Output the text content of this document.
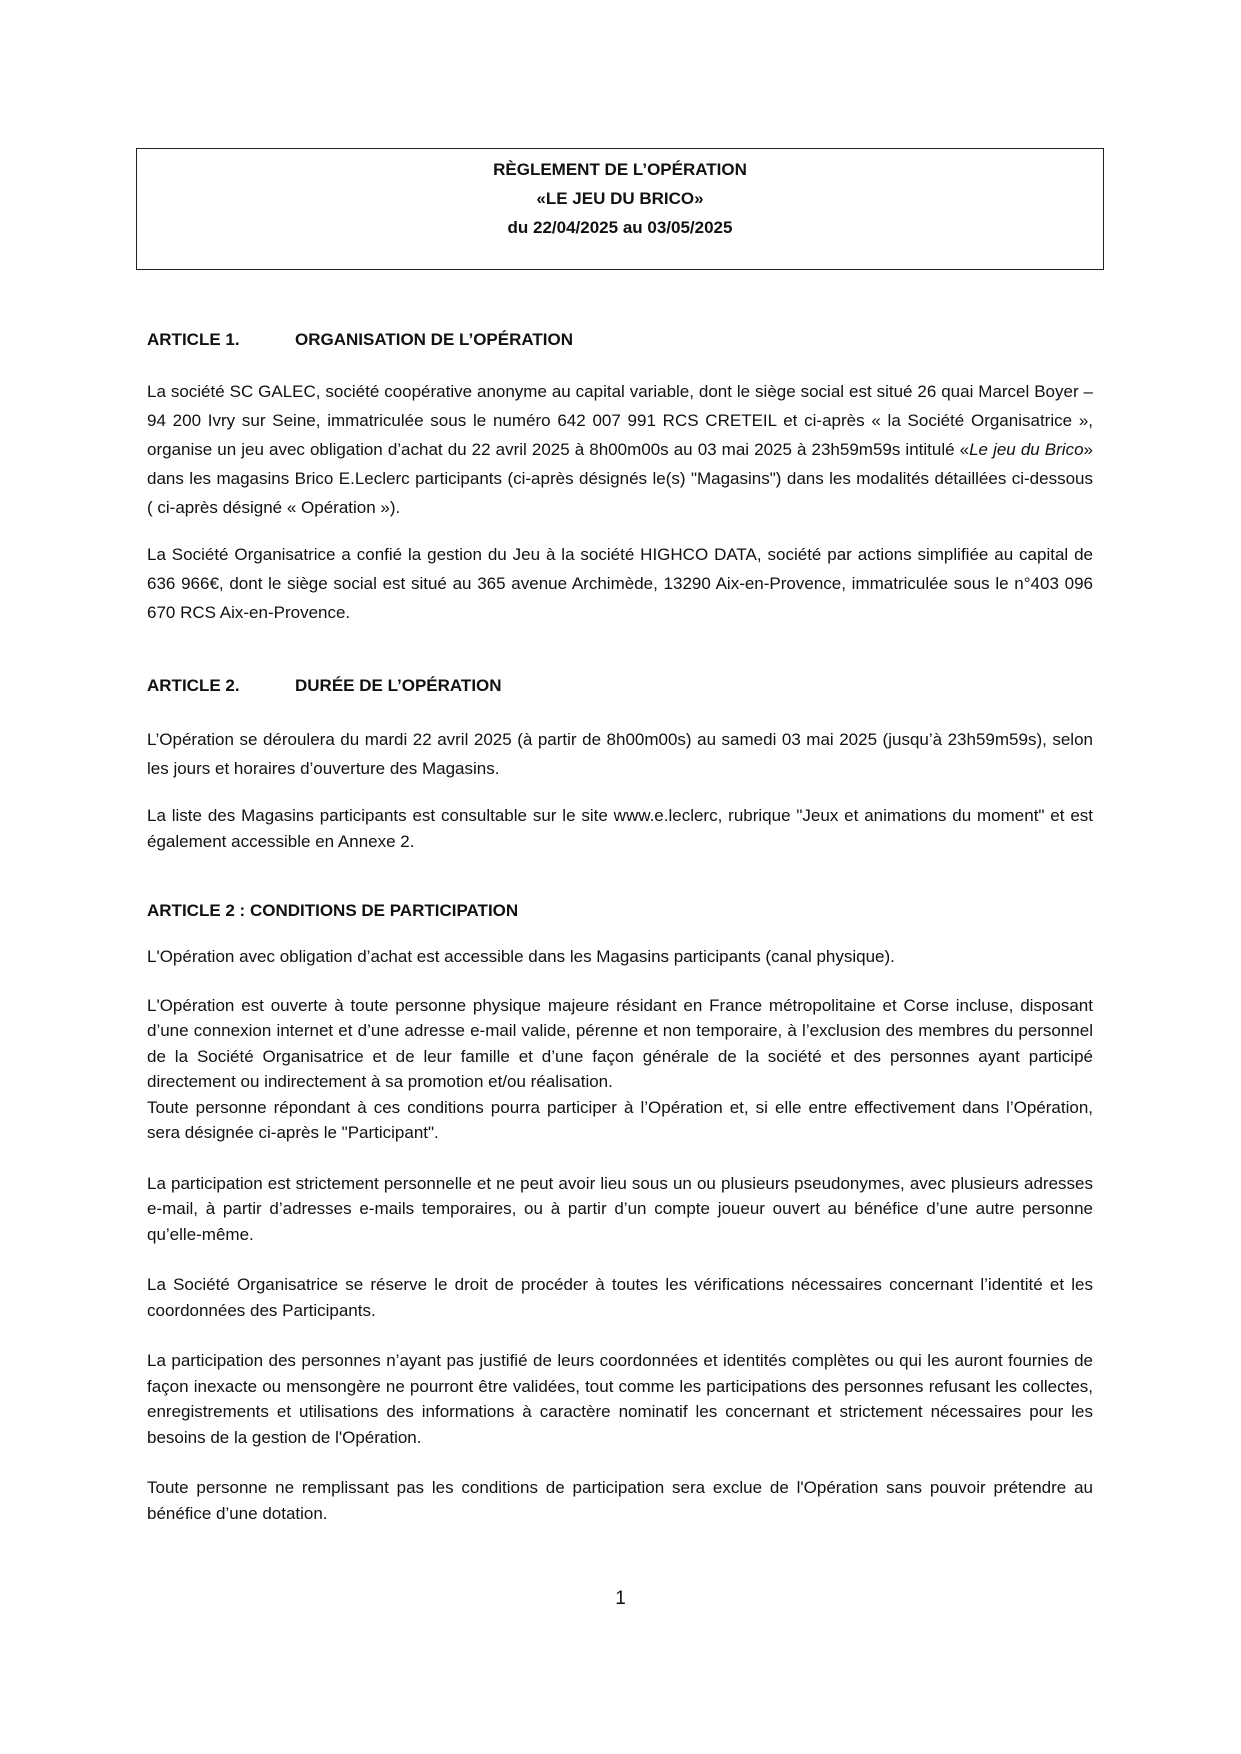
RÈGLEMENT DE L’OPÉRATION
«LE JEU DU BRICO»
du 22/04/2025 au 03/05/2025
ARTICLE 1.	ORGANISATION DE L’OPÉRATION

La société SC GALEC, société coopérative anonyme au capital variable, dont le siège social est situé 26 quai Marcel Boyer – 94 200 Ivry sur Seine, immatriculée sous le numéro 642 007 991 RCS CRETEIL et ci-après « la Société Organisatrice », organise un jeu avec obligation d’achat du 22 avril 2025 à 8h00m00s au 03 mai 2025 à 23h59m59s intitulé «Le jeu du Brico» dans les magasins Brico E.Leclerc participants (ci-après désignés le(s) "Magasins") dans les modalités détaillées ci-dessous ( ci-après désigné « Opération »).

La Société Organisatrice a confié la gestion du Jeu à la société HIGHCO DATA, société par actions simplifiée au capital de 636 966€, dont le siège social est situé au 365 avenue Archimède, 13290 Aix-en-Provence, immatriculée sous le n°403 096 670 RCS Aix-en-Provence.

ARTICLE 2.	DURÉE DE L’OPÉRATION

L’Opération se déroulera du mardi 22 avril 2025 (à partir de 8h00m00s) au samedi 03 mai 2025 (jusqu’à 23h59m59s), selon les jours et horaires d’ouverture des Magasins.

La liste des Magasins participants est consultable sur le site www.e.leclerc, rubrique "Jeux et animations du moment" et est également accessible en Annexe 2.

ARTICLE 2 : CONDITIONS DE PARTICIPATION

L'Opération avec obligation d’achat est accessible dans les Magasins participants (canal physique).

L'Opération est ouverte à toute personne physique majeure résidant en France métropolitaine et Corse incluse, disposant d’une connexion internet et d’une adresse e-mail valide, pérenne et non temporaire, à l’exclusion des membres du personnel de la Société Organisatrice et de leur famille et d’une façon générale de la société et des personnes ayant participé directement ou indirectement à sa promotion et/ou réalisation.

Toute personne répondant à ces conditions pourra participer à l’Opération et, si elle entre effectivement dans l’Opération, sera désignée ci-après le "Participant".

La participation est strictement personnelle et ne peut avoir lieu sous un ou plusieurs pseudonymes, avec plusieurs adresses e-mail, à partir d’adresses e-mails temporaires, ou à partir d’un compte joueur ouvert au bénéfice d’une autre personne qu’elle-même.

La Société Organisatrice se réserve le droit de procéder à toutes les vérifications nécessaires concernant l’identité et les coordonnées des Participants.

La participation des personnes n’ayant pas justifié de leurs coordonnées et identités complètes ou qui les auront fournies de façon inexacte ou mensongère ne pourront être validées, tout comme les participations des personnes refusant les collectes, enregistrements et utilisations des informations à caractère nominatif les concernant et strictement nécessaires pour les besoins de la gestion de l'Opération.

Toute personne ne remplissant pas les conditions de participation sera exclue de l'Opération sans pouvoir prétendre au bénéfice d’une dotation.

1
